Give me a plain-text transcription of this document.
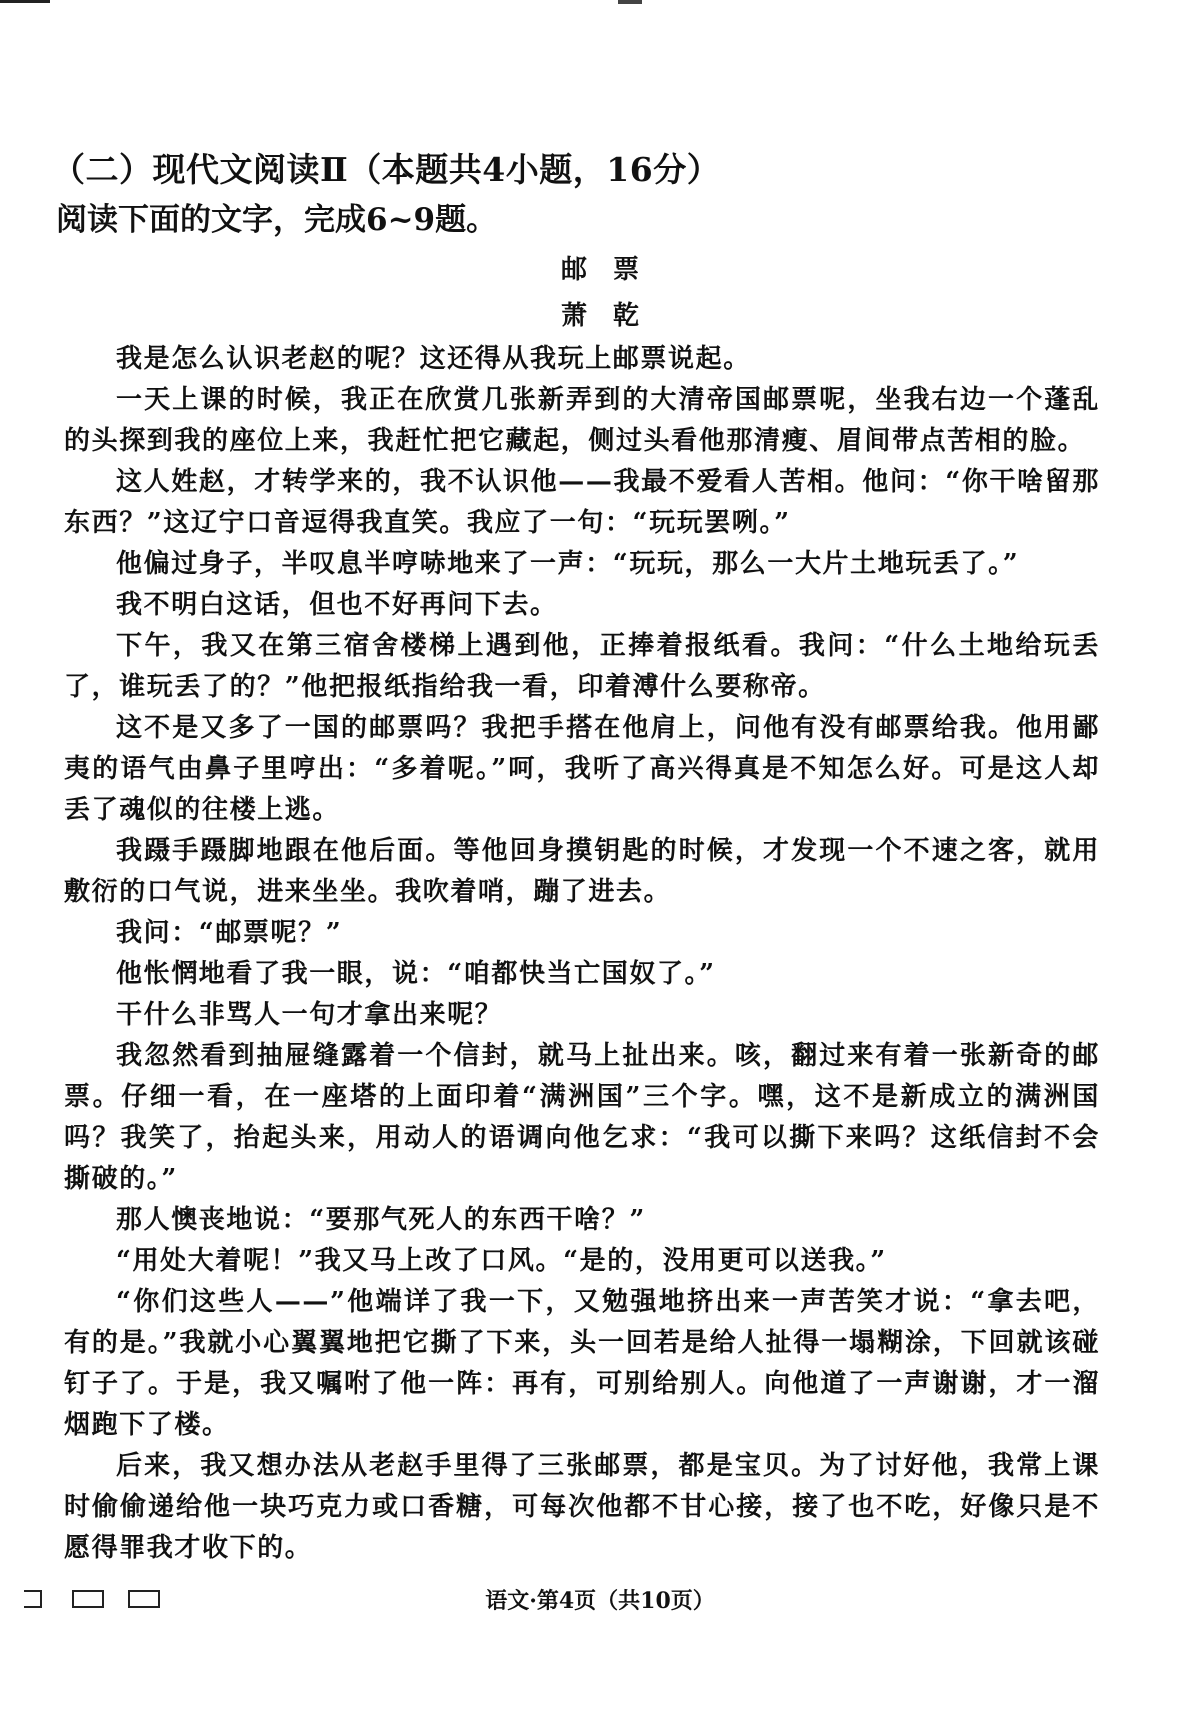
（二）现代文阅读Ⅱ（本题共4小题，16分）
阅读下面的文字，完成6~9题。
邮票
萧乾

我是怎么认识老赵的呢？这还得从我玩上邮票说起。

一天上课的时候，我正在欣赏几张新弄到的大清帝国邮票呢，坐我右边一个蓬乱的头探到我的座位上来，我赶忙把它藏起，侧过头看他那清瘦、眉间带点苦相的脸。

这人姓赵，才转学来的，我不认识他——我最不爱看人苦相。他问：“你干啥留那东西？”这辽宁口音逗得我直笑。我应了一句：“玩玩罢咧。”

他偏过身子，半叹息半哼哧地来了一声：“玩玩，那么一大片土地玩丢了。”

我不明白这话，但也不好再问下去。

下午，我又在第三宿舍楼梯上遇到他，正捧着报纸看。我问：“什么土地给玩丢了，谁玩丢了的？”他把报纸指给我一看，印着溥什么要称帝。

这不是又多了一国的邮票吗？我把手搭在他肩上，问他有没有邮票给我。他用鄙夷的语气由鼻子里哼出：“多着呢。”呵，我听了高兴得真是不知怎么好。可是这人却丢了魂似的往楼上逃。

我蹑手蹑脚地跟在他后面。等他回身摸钥匙的时候，才发现一个不速之客，就用敷衍的口气说，进来坐坐。我吹着哨，蹦了进去。

我问：“邮票呢？”

他怅惘地看了我一眼，说：“咱都快当亡国奴了。”

干什么非骂人一句才拿出来呢？

我忽然看到抽屉缝露着一个信封，就马上扯出来。咳，翻过来有着一张新奇的邮票。仔细一看，在一座塔的上面印着“满洲国”三个字。嘿，这不是新成立的满洲国吗？我笑了，抬起头来，用动人的语调向他乞求：“我可以撕下来吗？这纸信封不会撕破的。”

那人懊丧地说：“要那气死人的东西干啥？”

“用处大着呢！”我又马上改了口风。“是的，没用更可以送我。”

“你们这些人——”他端详了我一下，又勉强地挤出来一声苦笑才说：“拿去吧，有的是。”我就小心翼翼地把它撕了下来，头一回若是给人扯得一塌糊涂，下回就该碰钉子了。于是，我又嘱咐了他一阵：再有，可别给别人。向他道了一声谢谢，才一溜烟跑下了楼。

后来，我又想办法从老赵手里得了三张邮票，都是宝贝。为了讨好他，我常上课时偷偷递给他一块巧克力或口香糖，可每次他都不甘心接，接了也不吃，好像只是不愿得罪我才收下的。

语文·第4页（共10页）
